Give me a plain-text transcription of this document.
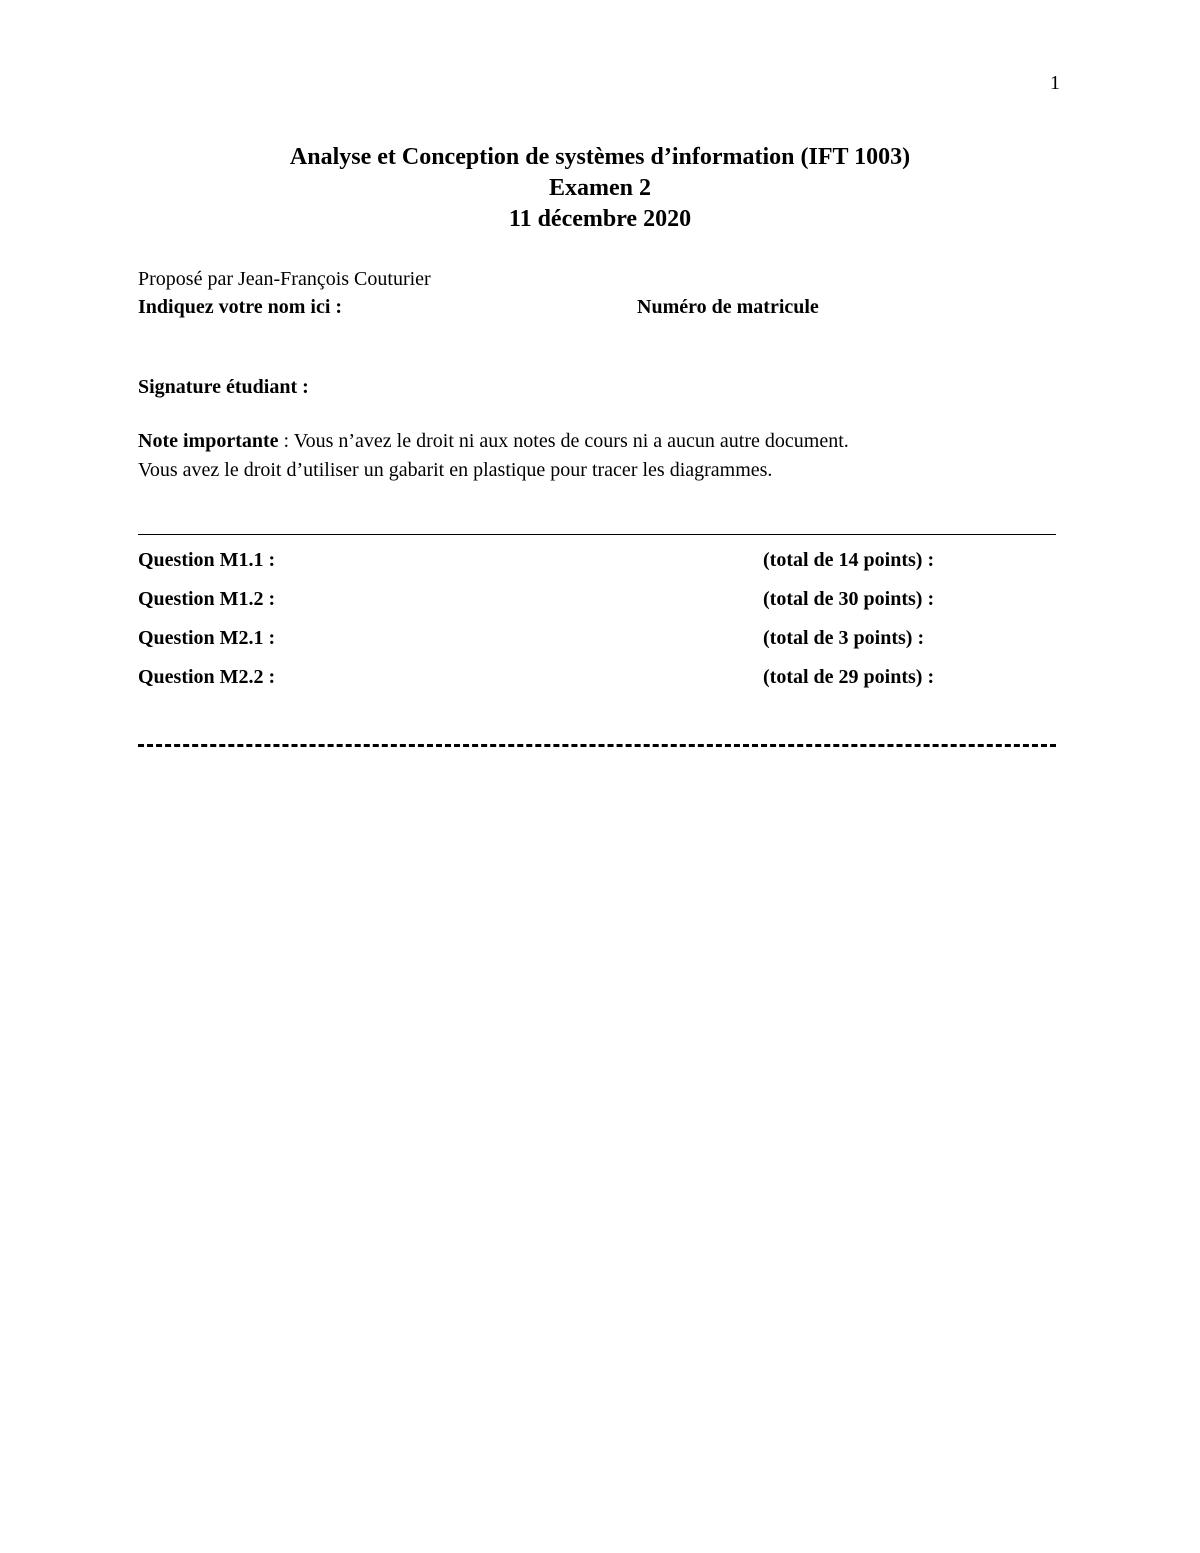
1
Analyse et Conception de systèmes d’information (IFT 1003)
Examen 2
11 décembre 2020
Proposé par Jean-François Couturier
Indiquez votre nom ici :	Numéro de matricule
Signature étudiant :
Note importante : Vous n’avez le droit ni aux notes de cours ni a aucun autre document.
Vous avez le droit d’utiliser un gabarit en plastique pour tracer les diagrammes.
Question M1.1 :	(total de 14 points) :
Question M1.2 :	(total de 30 points) :
Question M2.1 :	(total de 3 points) :
Question M2.2 :	(total de 29 points) :
